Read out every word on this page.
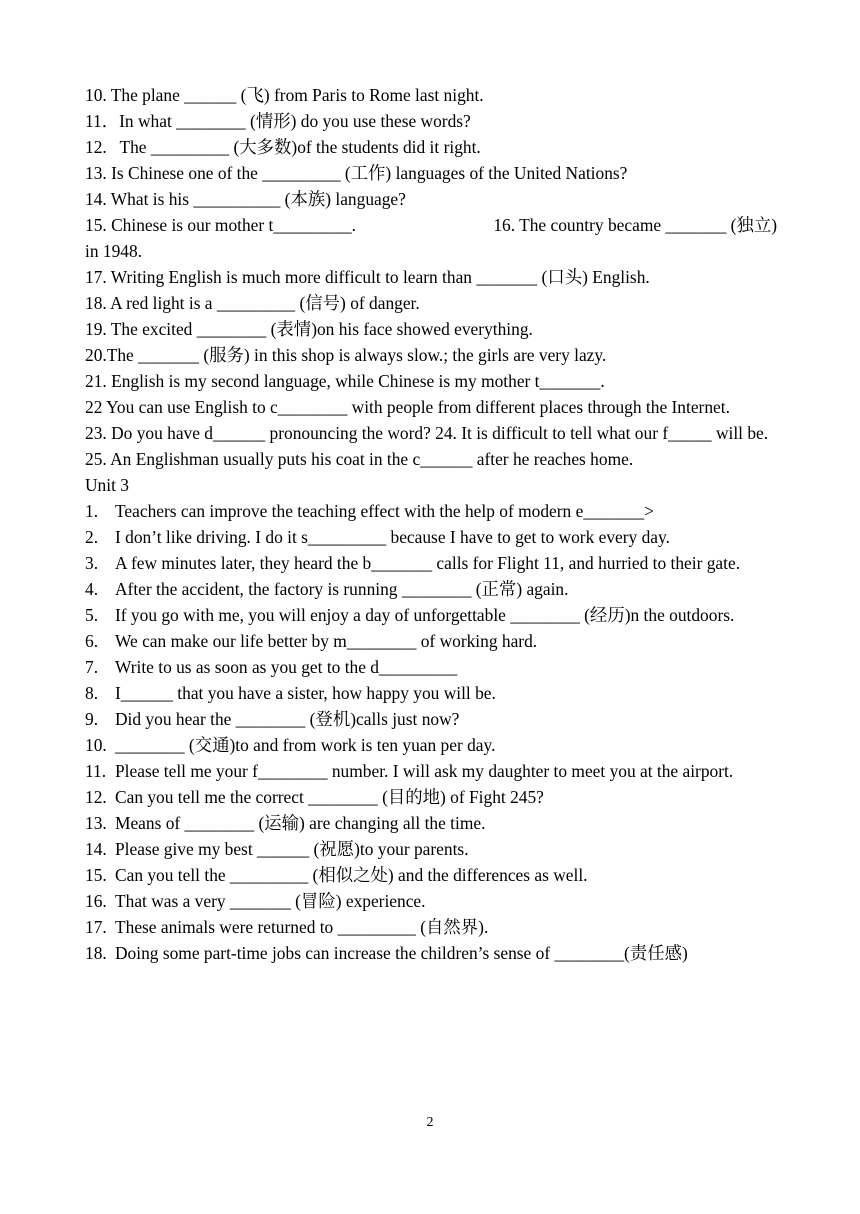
10. The plane ______ (飞) from Paris to Rome last night.

11．In what ________ (情形) do you use these words?

12.   The _________ (大多数)of the students did it right.

13. Is Chinese one of the _________ (工作) languages of the United Nations?

14. What is his __________ (本族) language?

15. Chinese is our mother t_________.	16. The country became _______ (独立)

in 1948.

17. Writing English is much more difficult to learn than _______ (口头) English.

18. A red light is a _________ (信号) of danger.

19. The excited ________ (表情)on his face showed everything.

20.The _______ (服务) in this shop is always slow.; the girls are very lazy.

21. English is my second language, while Chinese is my mother t_______.

22 You can use English to c________ with people from different places through the Internet.

23. Do you have d______ pronouncing the word? 24. It is difficult to tell what our f_____ will be.

25. An Englishman usually puts his coat in the c______ after he reaches home.

Unit 3

1. Teachers can improve the teaching effect with the help of modern e_______>
2. I don’t like driving. I do it s_________ because I have to get to work every day.
3. A few minutes later, they heard the b_______ calls for Flight 11, and hurried to their gate.
4. After the accident, the factory is running ________ (正常) again.
5. If you go with me, you will enjoy a day of unforgettable ________ (经历)n the outdoors.
6. We can make our life better by m________ of working hard.
7. Write to us as soon as you get to the d_________
8. I______ that you have a sister, how happy you will be.
9. Did you hear the ________ (登机)calls just now?
10. ________ (交通)to and from work is ten yuan per day.
11. Please tell me your f________ number. I will ask my daughter to meet you at the airport.
12. Can you tell me the correct ________ (目的地) of Fight 245?
13. Means of ________ (运输) are changing all the time.
14. Please give my best ______ (祝愿)to your parents.
15. Can you tell the _________ (相似之处) and the differences as well.
16. That was a very _______ (冒险) experience.
17. These animals were returned to _________ (自然界).
18. Doing some part-time jobs can increase the children’s sense of ________(责任感)
2
